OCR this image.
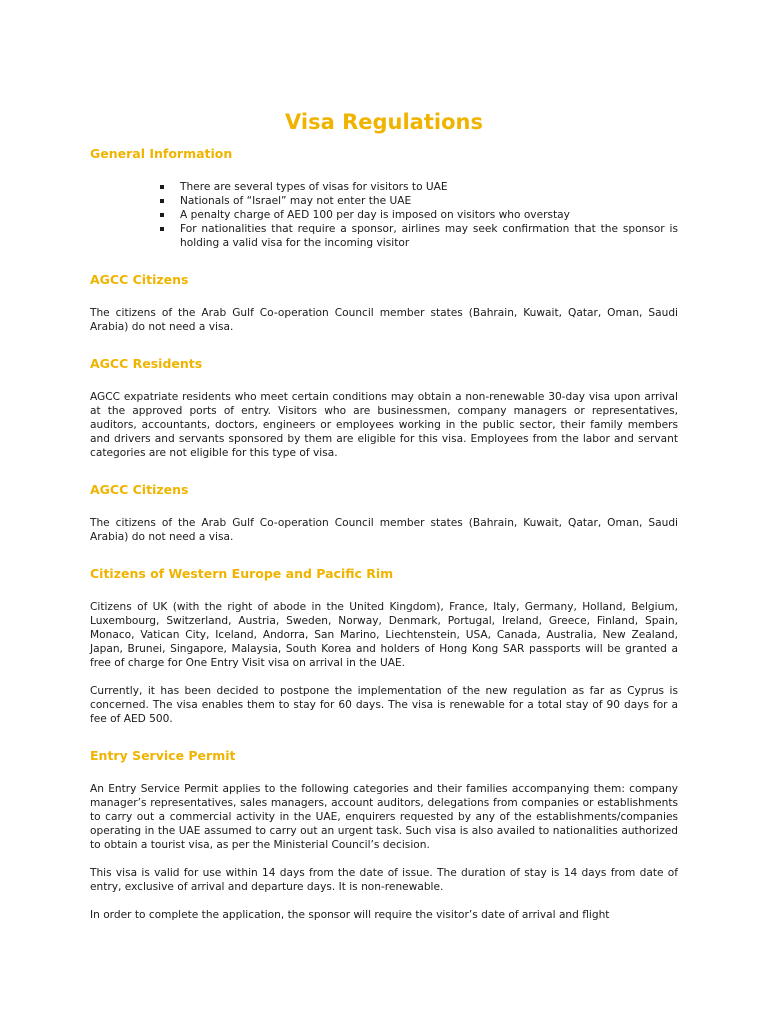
Visa Regulations
General Information
There are several types of visas for visitors to UAE
Nationals of “Israel” may not enter the UAE
A penalty charge of AED 100 per day is imposed on visitors who overstay
For nationalities that require a sponsor, airlines may seek confirmation that the sponsor is holding a valid visa for the incoming visitor
AGCC Citizens

The citizens of the Arab Gulf Co-operation Council member states (Bahrain, Kuwait, Qatar, Oman, Saudi Arabia) do not need a visa.

AGCC Residents

AGCC expatriate residents who meet certain conditions may obtain a non-renewable 30-day visa upon arrival at the approved ports of entry. Visitors who are businessmen, company managers or representatives, auditors, accountants, doctors, engineers or employees working in the public sector, their family members and drivers and servants sponsored by them are eligible for this visa. Employees from the labor and servant categories are not eligible for this type of visa.

AGCC Citizens

The citizens of the Arab Gulf Co-operation Council member states (Bahrain, Kuwait, Qatar, Oman, Saudi Arabia) do not need a visa.

Citizens of Western Europe and Pacific Rim

Citizens of UK (with the right of abode in the United Kingdom), France, Italy, Germany, Holland, Belgium, Luxembourg, Switzerland, Austria, Sweden, Norway, Denmark, Portugal, Ireland, Greece, Finland, Spain, Monaco, Vatican City, Iceland, Andorra, San Marino, Liechtenstein, USA, Canada, Australia, New Zealand, Japan, Brunei, Singapore, Malaysia, South Korea and holders of Hong Kong SAR passports will be granted a free of charge for One Entry Visit visa on arrival in the UAE.

Currently, it has been decided to postpone the implementation of the new regulation as far as Cyprus is concerned. The visa enables them to stay for 60 days. The visa is renewable for a total stay of 90 days for a fee of AED 500.

Entry Service Permit

An Entry Service Permit applies to the following categories and their families accompanying them: company manager’s representatives, sales managers, account auditors, delegations from companies or establishments to carry out a commercial activity in the UAE, enquirers requested by any of the establishments/companies operating in the UAE assumed to carry out an urgent task. Such visa is also availed to nationalities authorized to obtain a tourist visa, as per the Ministerial Council’s decision.

This visa is valid for use within 14 days from the date of issue. The duration of stay is 14 days from date of entry, exclusive of arrival and departure days. It is non-renewable.

In order to complete the application, the sponsor will require the visitor’s date of arrival and flight
